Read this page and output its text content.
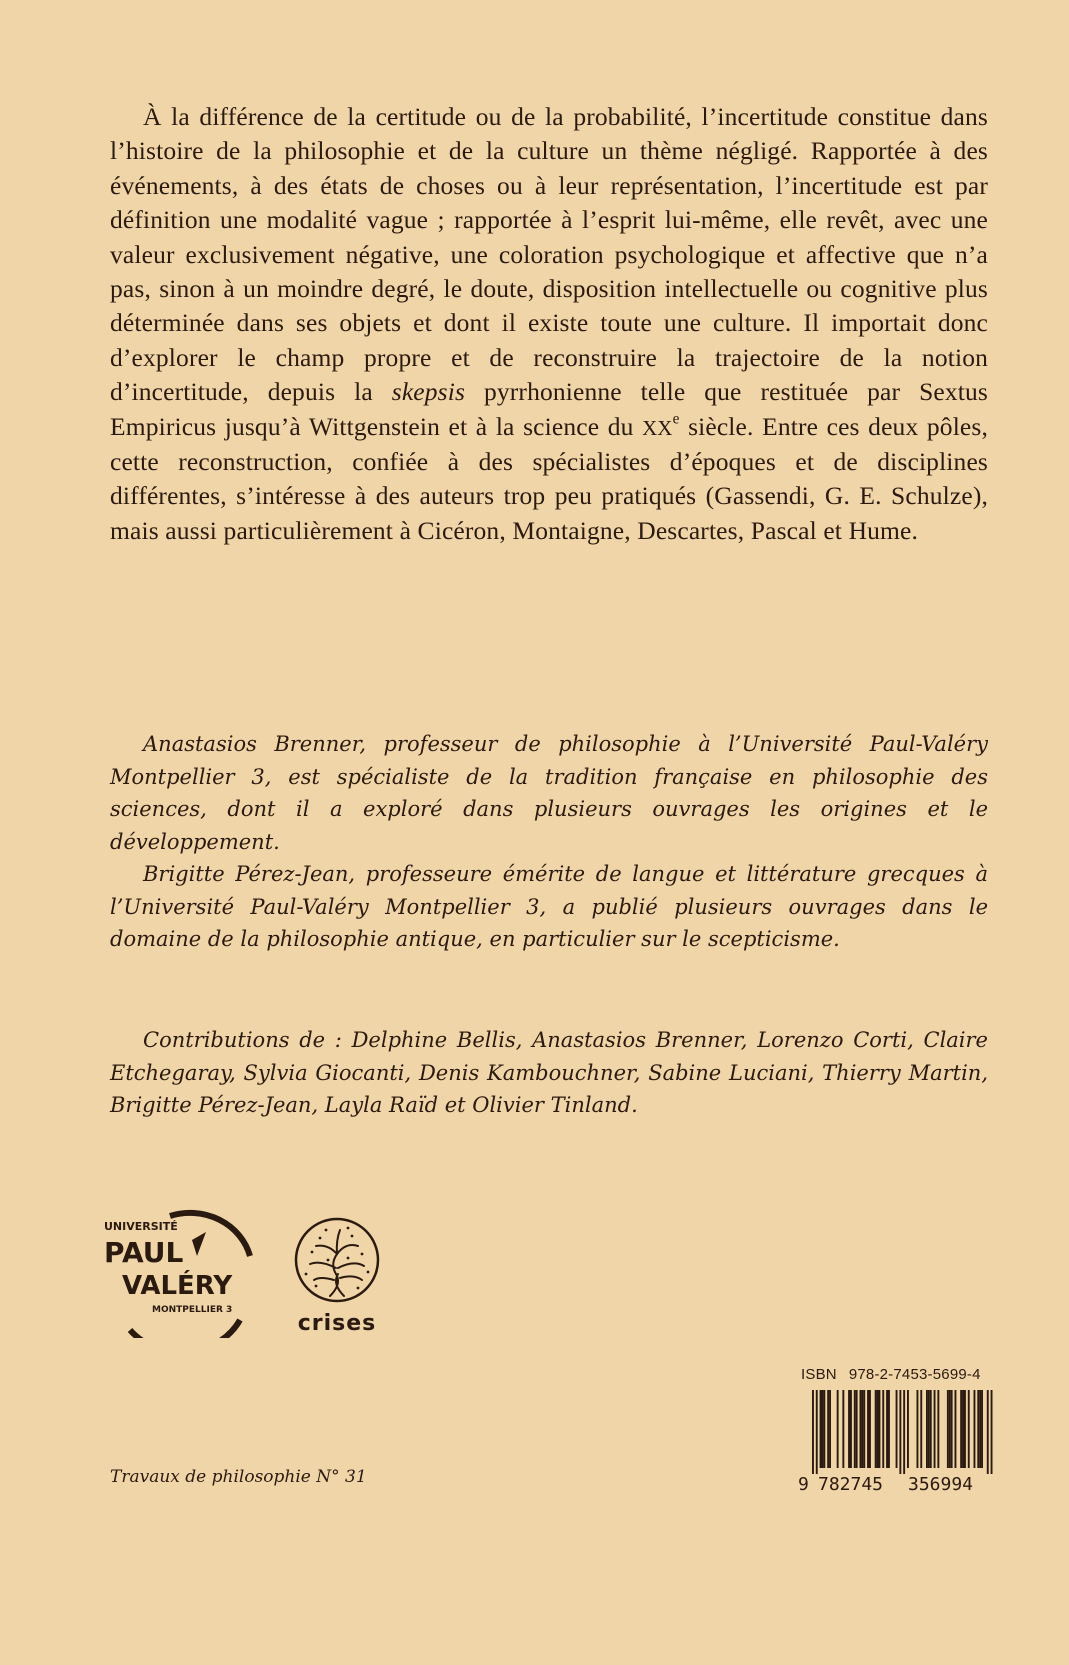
À la différence de la certitude ou de la probabilité, l’incertitude constitue dans l’histoire de la philosophie et de la culture un thème négligé. Rapportée à des événements, à des états de choses ou à leur représentation, l’incertitude est par définition une modalité vague ; rapportée à l’esprit lui-même, elle revêt, avec une valeur exclusivement négative, une coloration psychologique et affective que n’a pas, sinon à un moindre degré, le doute, disposition intellectuelle ou cognitive plus déterminée dans ses objets et dont il existe toute une culture. Il importait donc d’explorer le champ propre et de reconstruire la trajectoire de la notion d’incertitude, depuis la skepsis pyrrhonienne telle que restituée par Sextus Empiricus jusqu’à Wittgenstein et à la science du XXe siècle. Entre ces deux pôles, cette reconstruction, confiée à des spécialistes d’époques et de disciplines différentes, s’intéresse à des auteurs trop peu pratiqués (Gassendi, G. E. Schulze), mais aussi particulièrement à Cicéron, Montaigne, Descartes, Pascal et Hume.

Anastasios Brenner, professeur de philosophie à l’Université Paul-Valéry Montpellier 3, est spécialiste de la tradition française en philosophie des sciences, dont il a exploré dans plusieurs ouvrages les origines et le développement.

Brigitte Pérez-Jean, professeure émérite de langue et littérature grecques à l’Université Paul-Valéry Montpellier 3, a publié plusieurs ouvrages dans le domaine de la philosophie antique, en particulier sur le scepticisme.

Contributions de : Delphine Bellis, Anastasios Brenner, Lorenzo Corti, Claire Etchegaray, Sylvia Giocanti, Denis Kambouchner, Sabine Luciani, Thierry Martin, Brigitte Pérez-Jean, Layla Raïd et Olivier Tinland.

UNIVERSITÉ
PAUL
VALÉRY
MONTPELLIER 3
crises
ISBN 978-2-7453-5699-4
9 782745 356994
Travaux de philosophie N° 31
